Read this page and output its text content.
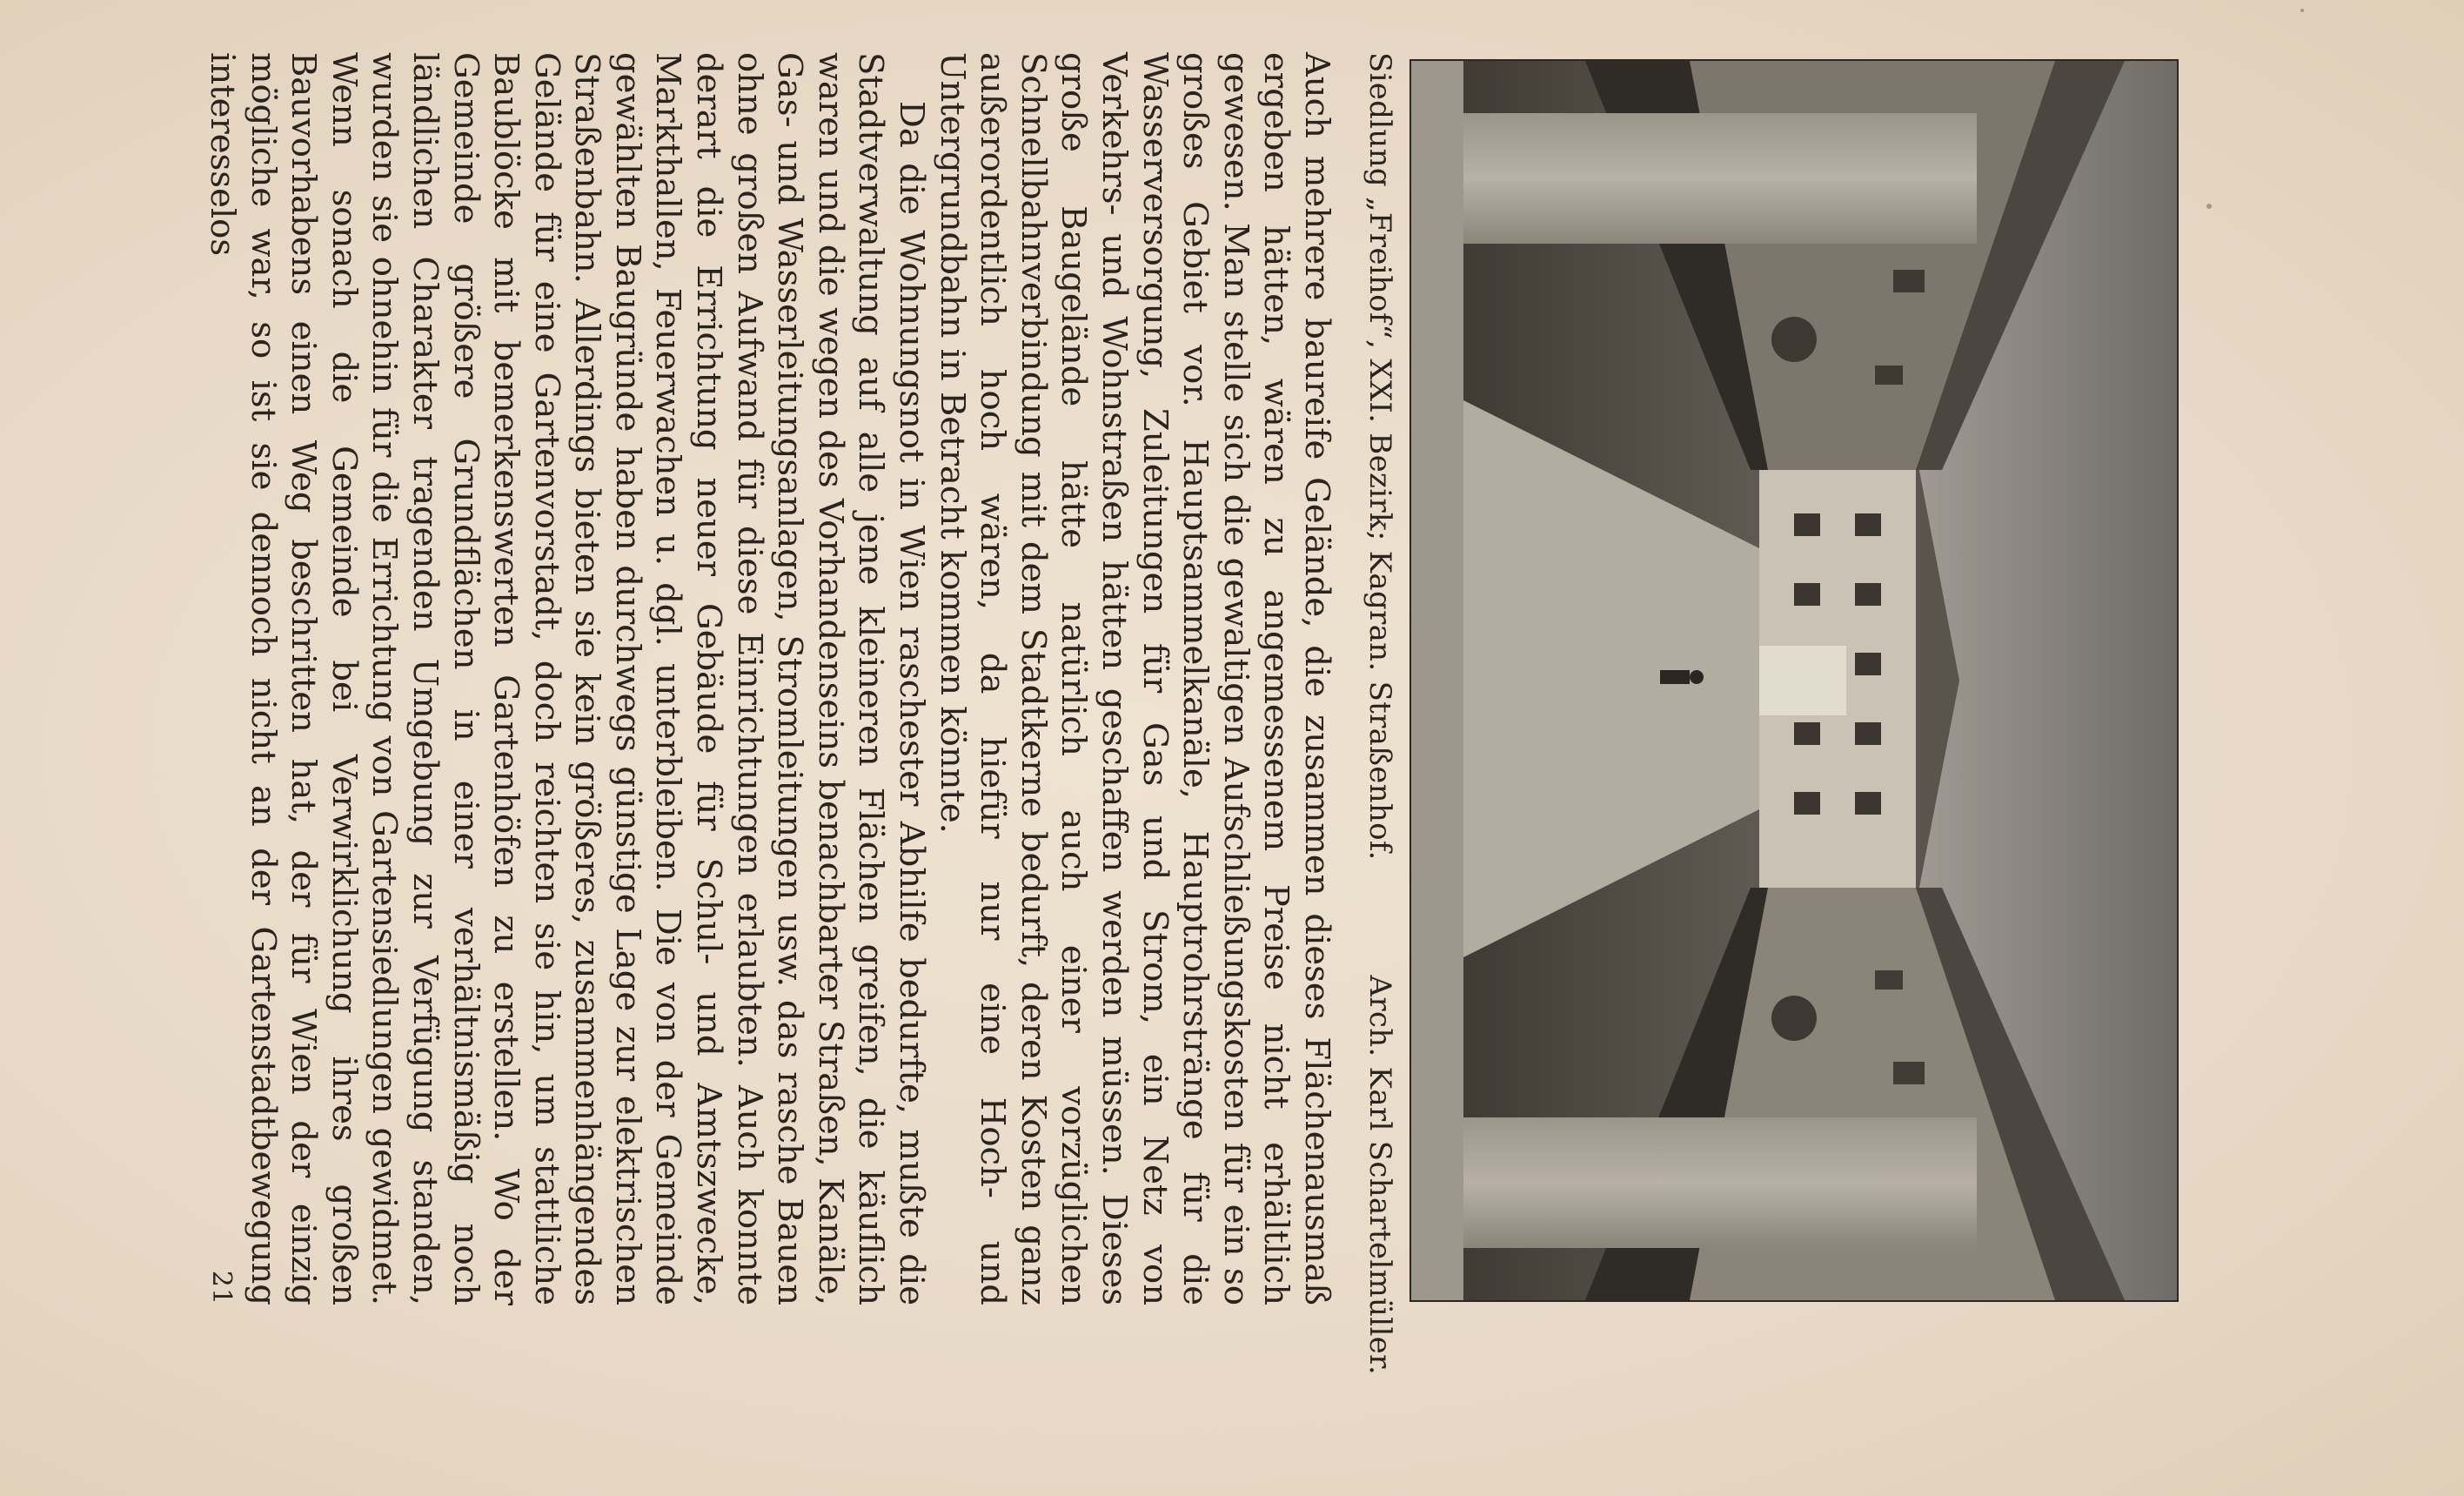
Siedlung „Freihof“, XXI. Bezirk; Kagran. Straßenhof.
Arch. Karl Schartelmüller.

Auch mehrere baureife Gelände, die zusammen dieses Flächenausmaß ergeben hätten, wären zu angemessenem Preise nicht erhältlich gewesen. Man stelle sich die gewaltigen Aufschließungskosten für ein so großes Gebiet vor. Hauptsammelkanäle, Hauptrohrstränge für die Wasserversorgung, Zuleitungen für Gas und Strom, ein Netz von Verkehrs- und Wohnstraßen hätten geschaffen werden müssen. Dieses große Baugelände hätte natürlich auch einer vorzüglichen Schnellbahnverbindung mit dem Stadtkerne bedurft, deren Kosten ganz außerordentlich hoch wären, da hiefür nur eine Hoch- und Untergrundbahn in Betracht kommen könnte.

Da die Wohnungsnot in Wien raschester Abhilfe bedurfte, mußte die Stadtverwaltung auf alle jene kleineren Flächen greifen, die käuflich waren und die wegen des Vorhandenseins benachbarter Straßen, Kanäle, Gas- und Wasserleitungsanlagen, Stromleitungen usw. das rasche Bauen ohne großen Aufwand für diese Einrichtungen erlaubten. Auch konnte derart die Errichtung neuer Gebäude für Schul- und Amtszwecke, Markthallen, Feuerwachen u. dgl. unterbleiben. Die von der Gemeinde gewählten Baugründe haben durchwegs günstige Lage zur elektrischen Straßenbahn. Allerdings bieten sie kein größeres, zusammenhängendes Gelände für eine Gartenvorstadt, doch reichten sie hin, um stattliche Baublöcke mit bemerkenswerten Gartenhöfen zu erstellen. Wo der Gemeinde größere Grundflächen in einer verhältnismäßig noch ländlichen Charakter tragenden Umgebung zur Verfügung standen, wurden sie ohnehin für die Errichtung von Gartensiedlungen gewidmet. Wenn sonach die Gemeinde bei Verwirklichung ihres großen Bauvorhabens einen Weg beschritten hat, der für Wien der einzig mögliche war, so ist sie dennoch nicht an der Gartenstadtbewegung interesselos

21
